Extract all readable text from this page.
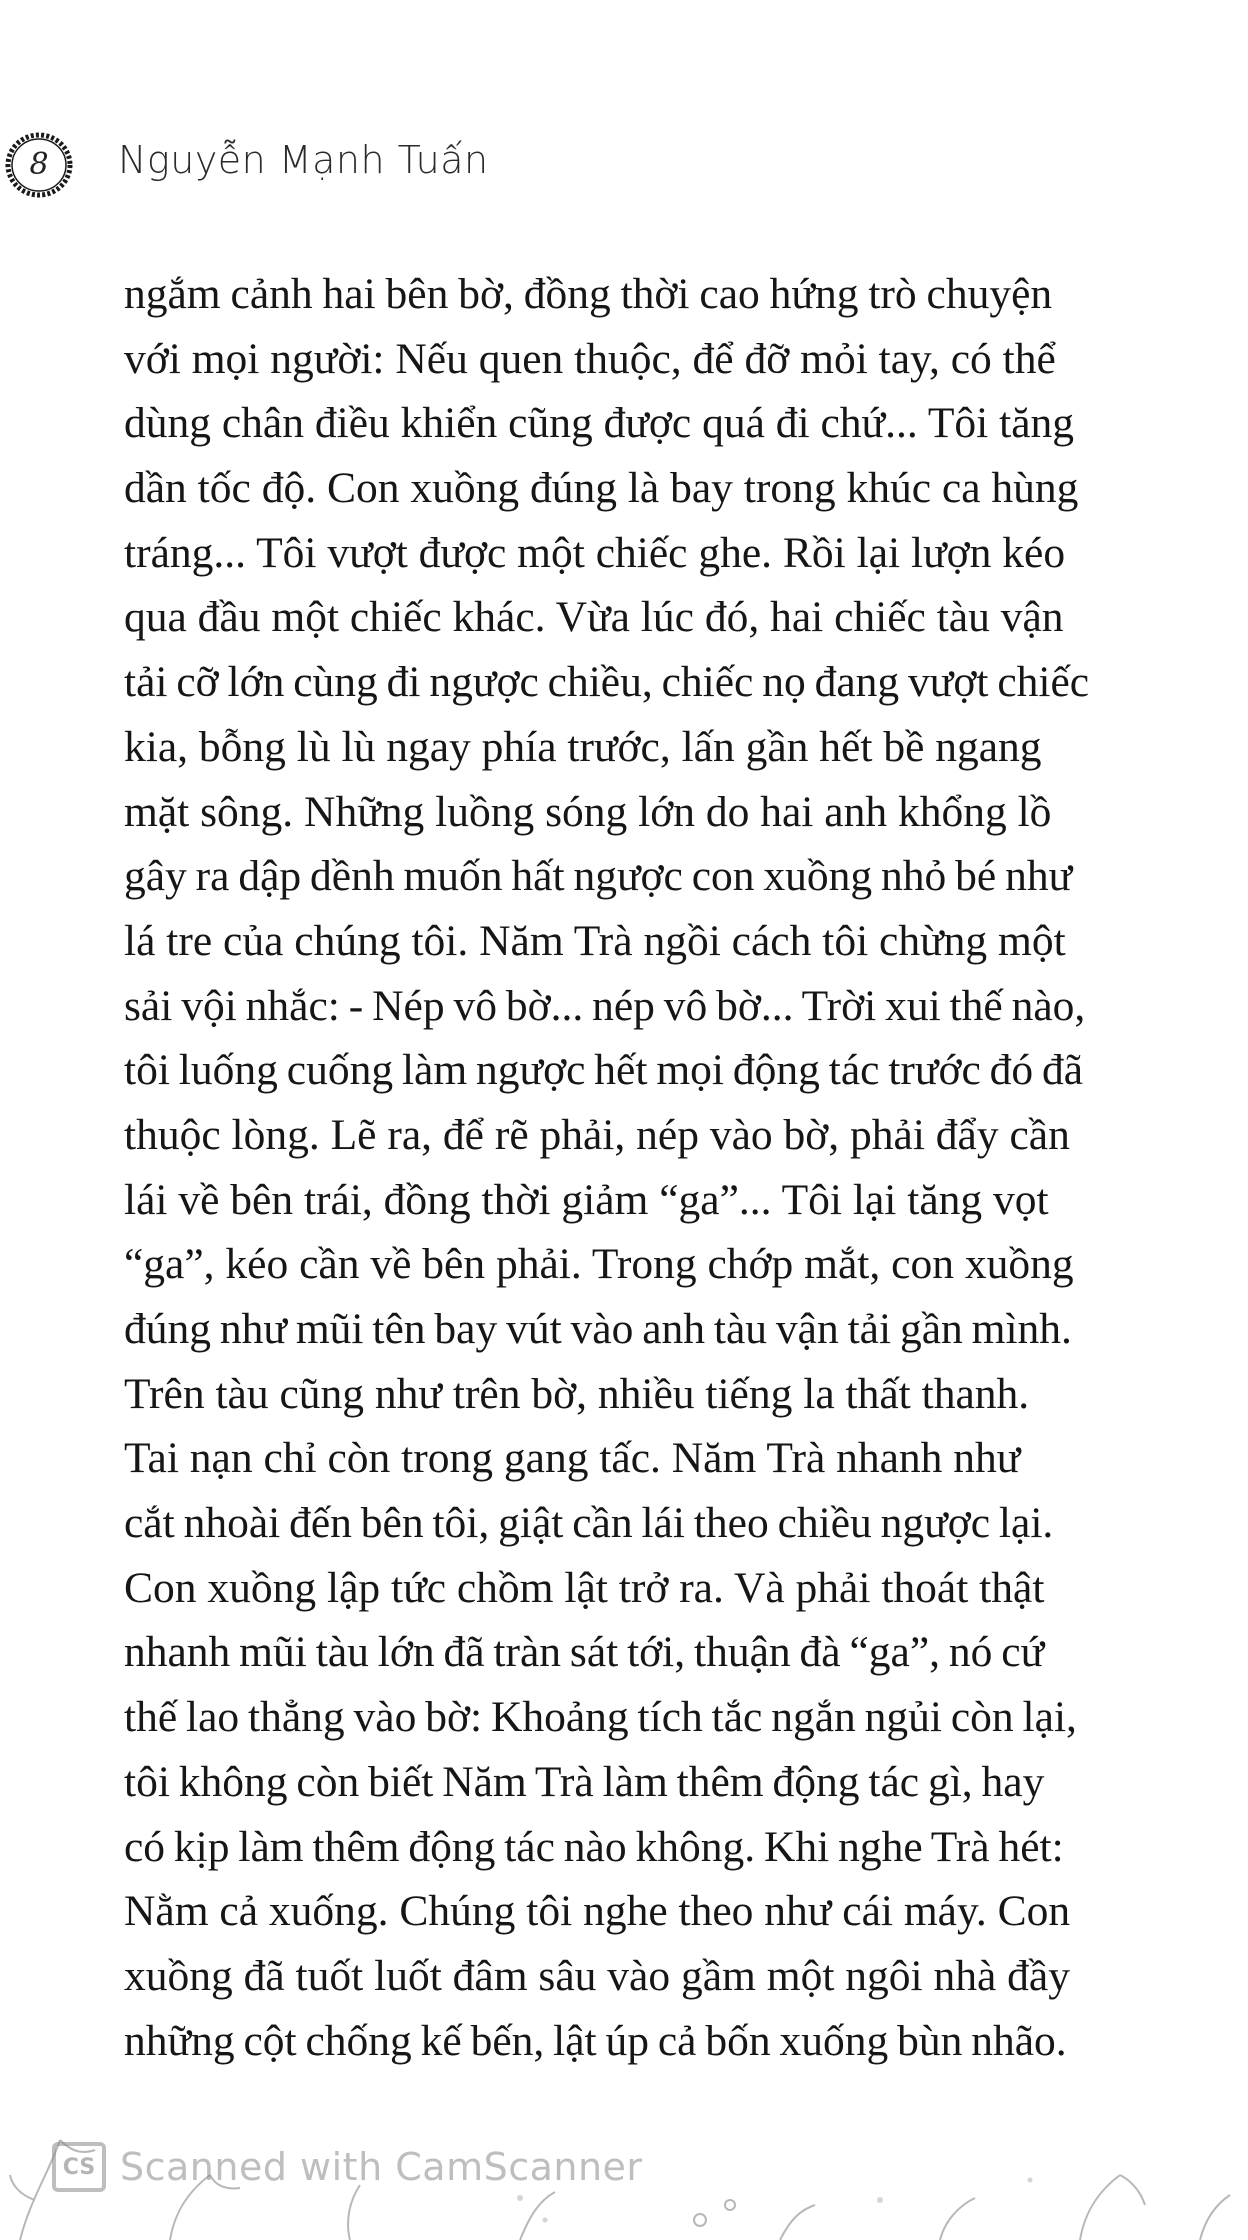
8	Nguyễn Mạnh Tuấn
ngắm cảnh hai bên bờ, đồng thời cao hứng trò chuyện
với mọi người: Nếu quen thuộc, để đỡ mỏi tay, có thể
dùng chân điều khiển cũng được quá đi chứ... Tôi tăng
dần tốc độ. Con xuồng đúng là bay trong khúc ca hùng
tráng... Tôi vượt được một chiếc ghe. Rồi lại lượn kéo
qua đầu một chiếc khác. Vừa lúc đó, hai chiếc tàu vận
tải cỡ lớn cùng đi ngược chiều, chiếc nọ đang vượt chiếc
kia, bỗng lù lù ngay phía trước, lấn gần hết bề ngang
mặt sông. Những luồng sóng lớn do hai anh khổng lồ
gây ra dập dềnh muốn hất ngược con xuồng nhỏ bé như
lá tre của chúng tôi. Năm Trà ngồi cách tôi chừng một
sải vội nhắc: - Nép vô bờ... nép vô bờ... Trời xui thế nào,
tôi luống cuống làm ngược hết mọi động tác trước đó đã
thuộc lòng. Lẽ ra, để rẽ phải, nép vào bờ, phải đẩy cần
lái về bên trái, đồng thời giảm “ga”... Tôi lại tăng vọt
“ga”, kéo cần về bên phải. Trong chớp mắt, con xuồng
đúng như mũi tên bay vút vào anh tàu vận tải gần mình.
Trên tàu cũng như trên bờ, nhiều tiếng la thất thanh.
Tai nạn chỉ còn trong gang tấc. Năm Trà nhanh như
cắt nhoài đến bên tôi, giật cần lái theo chiều ngược lại.
Con xuồng lập tức chồm lật trở ra. Và phải thoát thật
nhanh mũi tàu lớn đã tràn sát tới, thuận đà “ga”, nó cứ
thế lao thẳng vào bờ: Khoảng tích tắc ngắn ngủi còn lại,
tôi không còn biết Năm Trà làm thêm động tác gì, hay
có kịp làm thêm động tác nào không. Khi nghe Trà hét:
Nằm cả xuống. Chúng tôi nghe theo như cái máy. Con
xuồng đã tuốt luốt đâm sâu vào gầm một ngôi nhà đầy
những cột chống kế bến, lật úp cả bốn xuống bùn nhão.
CS Scanned with CamScanner
